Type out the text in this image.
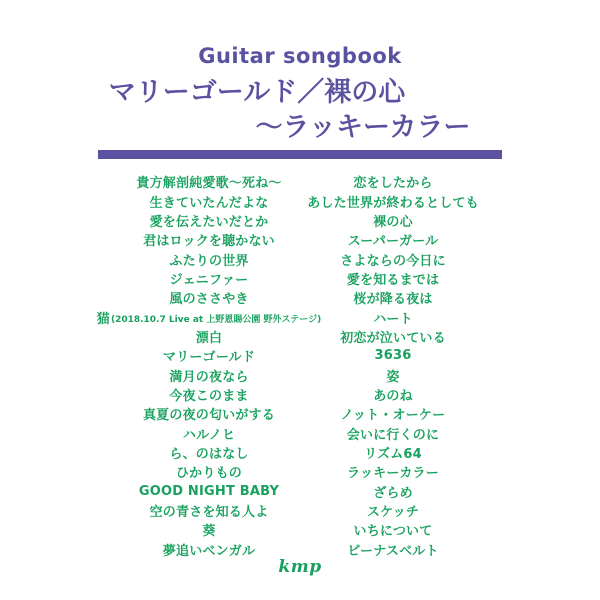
Guitar songbook
マリーゴールド／裸の心
～ラッキーカラー
貴方解剖純愛歌～死ね～
生きていたんだよな
愛を伝えたいだとか
君はロックを聴かない
ふたりの世界
ジェニファー
風のささやき
猫 (2018.10.7 Live at 上野恩賜公園 野外ステージ)
漂白
マリーゴールド
満月の夜なら
今夜このまま
真夏の夜の匂いがする
ハルノヒ
ら、のはなし
ひかりもの
GOOD NIGHT BABY
空の青さを知る人よ
葵
夢追いベンガル
恋をしたから
あした世界が終わるとしても
裸の心
スーパーガール
さよならの今日に
愛を知るまでは
桜が降る夜は
ハート
初恋が泣いている
3636
姿
あのね
ノット・オーケー
会いに行くのに
リズム64
ラッキーカラー
ざらめ
スケッチ
いちについて
ビーナスベルト
kmp
